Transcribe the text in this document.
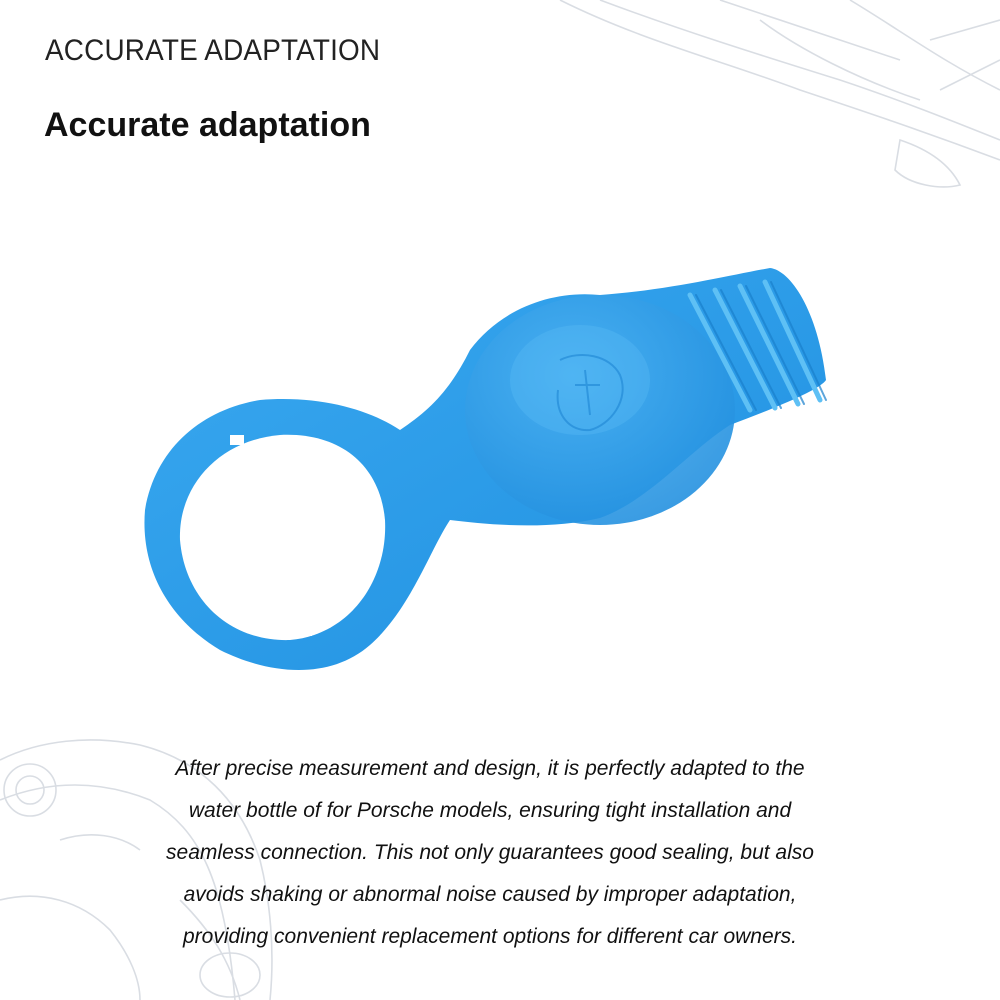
ACCURATE ADAPTATION
Accurate adaptation

After precise measurement and design, it is perfectly adapted to the
water bottle of for Porsche models, ensuring tight installation and
seamless connection. This not only guarantees good sealing, but also
avoids shaking or abnormal noise caused by improper adaptation,
providing convenient replacement options for different car owners.
